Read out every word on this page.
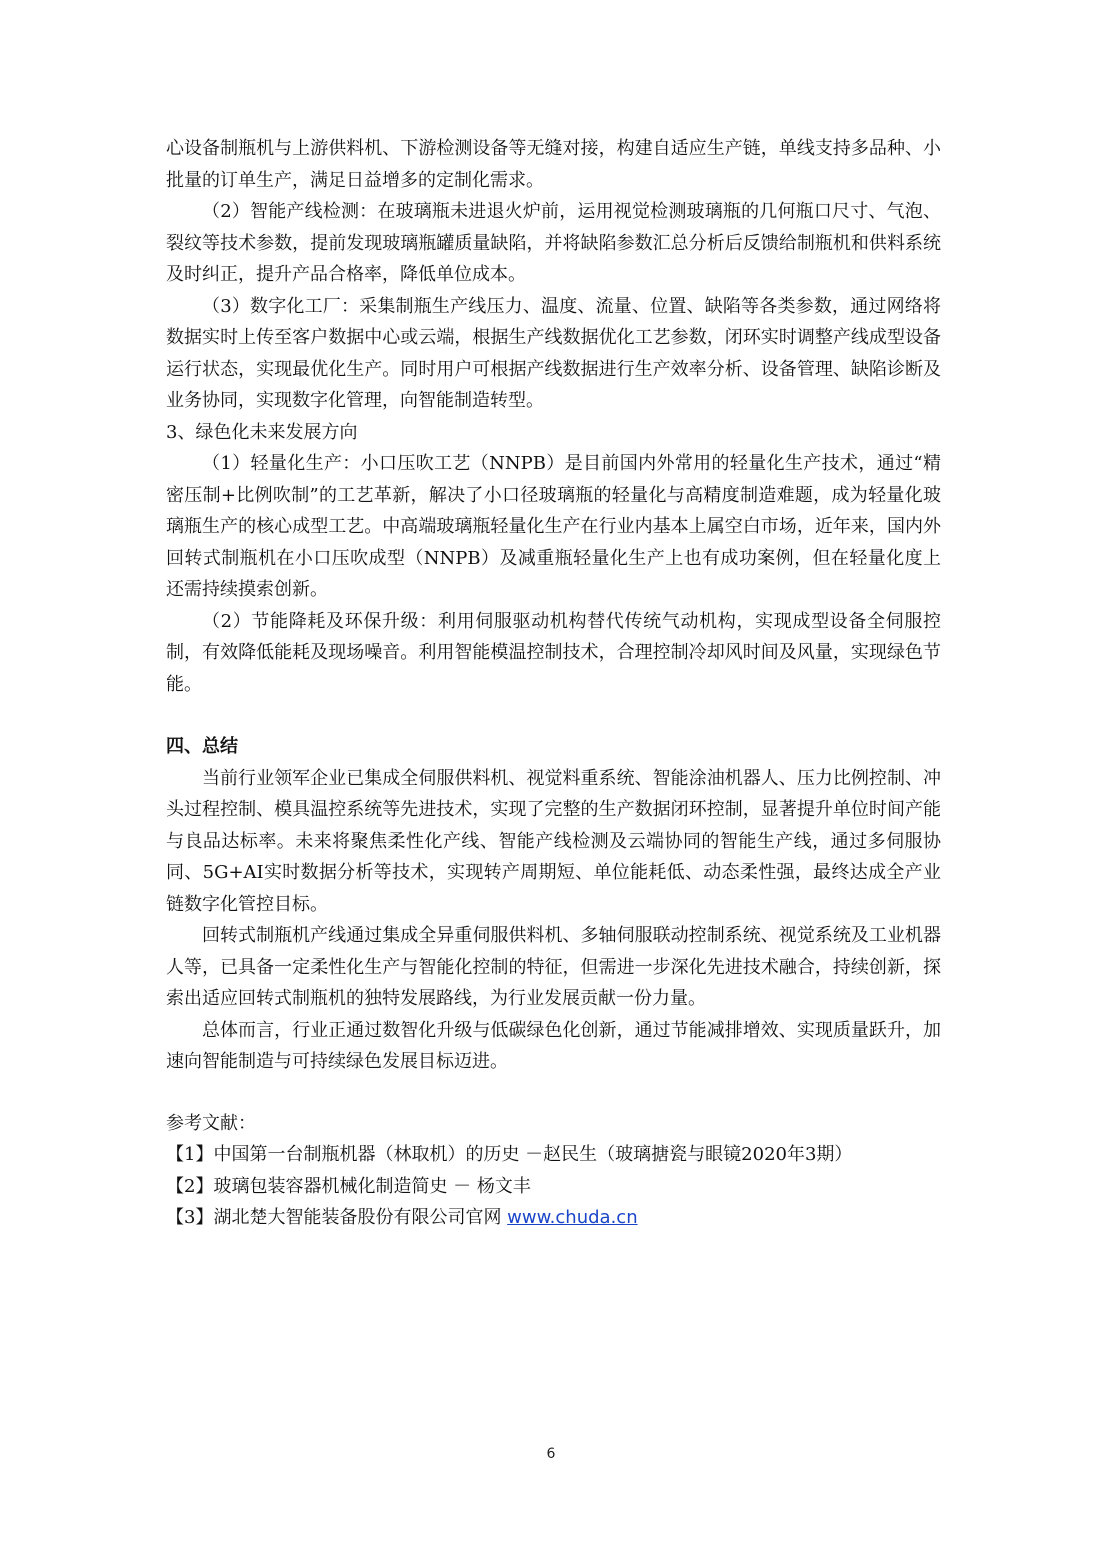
心设备制瓶机与上游供料机、下游检测设备等无缝对接，构建自适应生产链，单线支持多品种、小批量的订单生产，满足日益增多的定制化需求。

（2）智能产线检测：在玻璃瓶未进退火炉前，运用视觉检测玻璃瓶的几何瓶口尺寸、气泡、裂纹等技术参数，提前发现玻璃瓶罐质量缺陷，并将缺陷参数汇总分析后反馈给制瓶机和供料系统及时纠正，提升产品合格率，降低单位成本。

（3）数字化工厂：采集制瓶生产线压力、温度、流量、位置、缺陷等各类参数，通过网络将数据实时上传至客户数据中心或云端，根据生产线数据优化工艺参数，闭环实时调整产线成型设备运行状态，实现最优化生产。同时用户可根据产线数据进行生产效率分析、设备管理、缺陷诊断及业务协同，实现数字化管理，向智能制造转型。

3、绿色化未来发展方向

（1）轻量化生产：小口压吹工艺（NNPB）是目前国内外常用的轻量化生产技术，通过“精密压制+比例吹制”的工艺革新，解决了小口径玻璃瓶的轻量化与高精度制造难题，成为轻量化玻璃瓶生产的核心成型工艺。中高端玻璃瓶轻量化生产在行业内基本上属空白市场，近年来，国内外回转式制瓶机在小口压吹成型（NNPB）及减重瓶轻量化生产上也有成功案例，但在轻量化度上还需持续摸索创新。

（2）节能降耗及环保升级：利用伺服驱动机构替代传统气动机构，实现成型设备全伺服控制，有效降低能耗及现场噪音。利用智能模温控制技术，合理控制冷却风时间及风量，实现绿色节能。

四、总结

当前行业领军企业已集成全伺服供料机、视觉料重系统、智能涂油机器人、压力比例控制、冲头过程控制、模具温控系统等先进技术，实现了完整的生产数据闭环控制，显著提升单位时间产能与良品达标率。未来将聚焦柔性化产线、智能产线检测及云端协同的智能生产线，通过多伺服协同、5G+AI实时数据分析等技术，实现转产周期短、单位能耗低、动态柔性强，最终达成全产业链数字化管控目标。

回转式制瓶机产线通过集成全异重伺服供料机、多轴伺服联动控制系统、视觉系统及工业机器人等，已具备一定柔性化生产与智能化控制的特征，但需进一步深化先进技术融合，持续创新，探索出适应回转式制瓶机的独特发展路线，为行业发展贡献一份力量。

总体而言，行业正通过数智化升级与低碳绿色化创新，通过节能减排增效、实现质量跃升，加速向智能制造与可持续绿色发展目标迈进。

参考文献：

【1】中国第一台制瓶机器（林取机）的历史 －赵民生（玻璃搪瓷与眼镜2020年3期）

【2】玻璃包装容器机械化制造简史 － 杨文丰

【3】湖北楚大智能装备股份有限公司官网 www.chuda.cn

6
